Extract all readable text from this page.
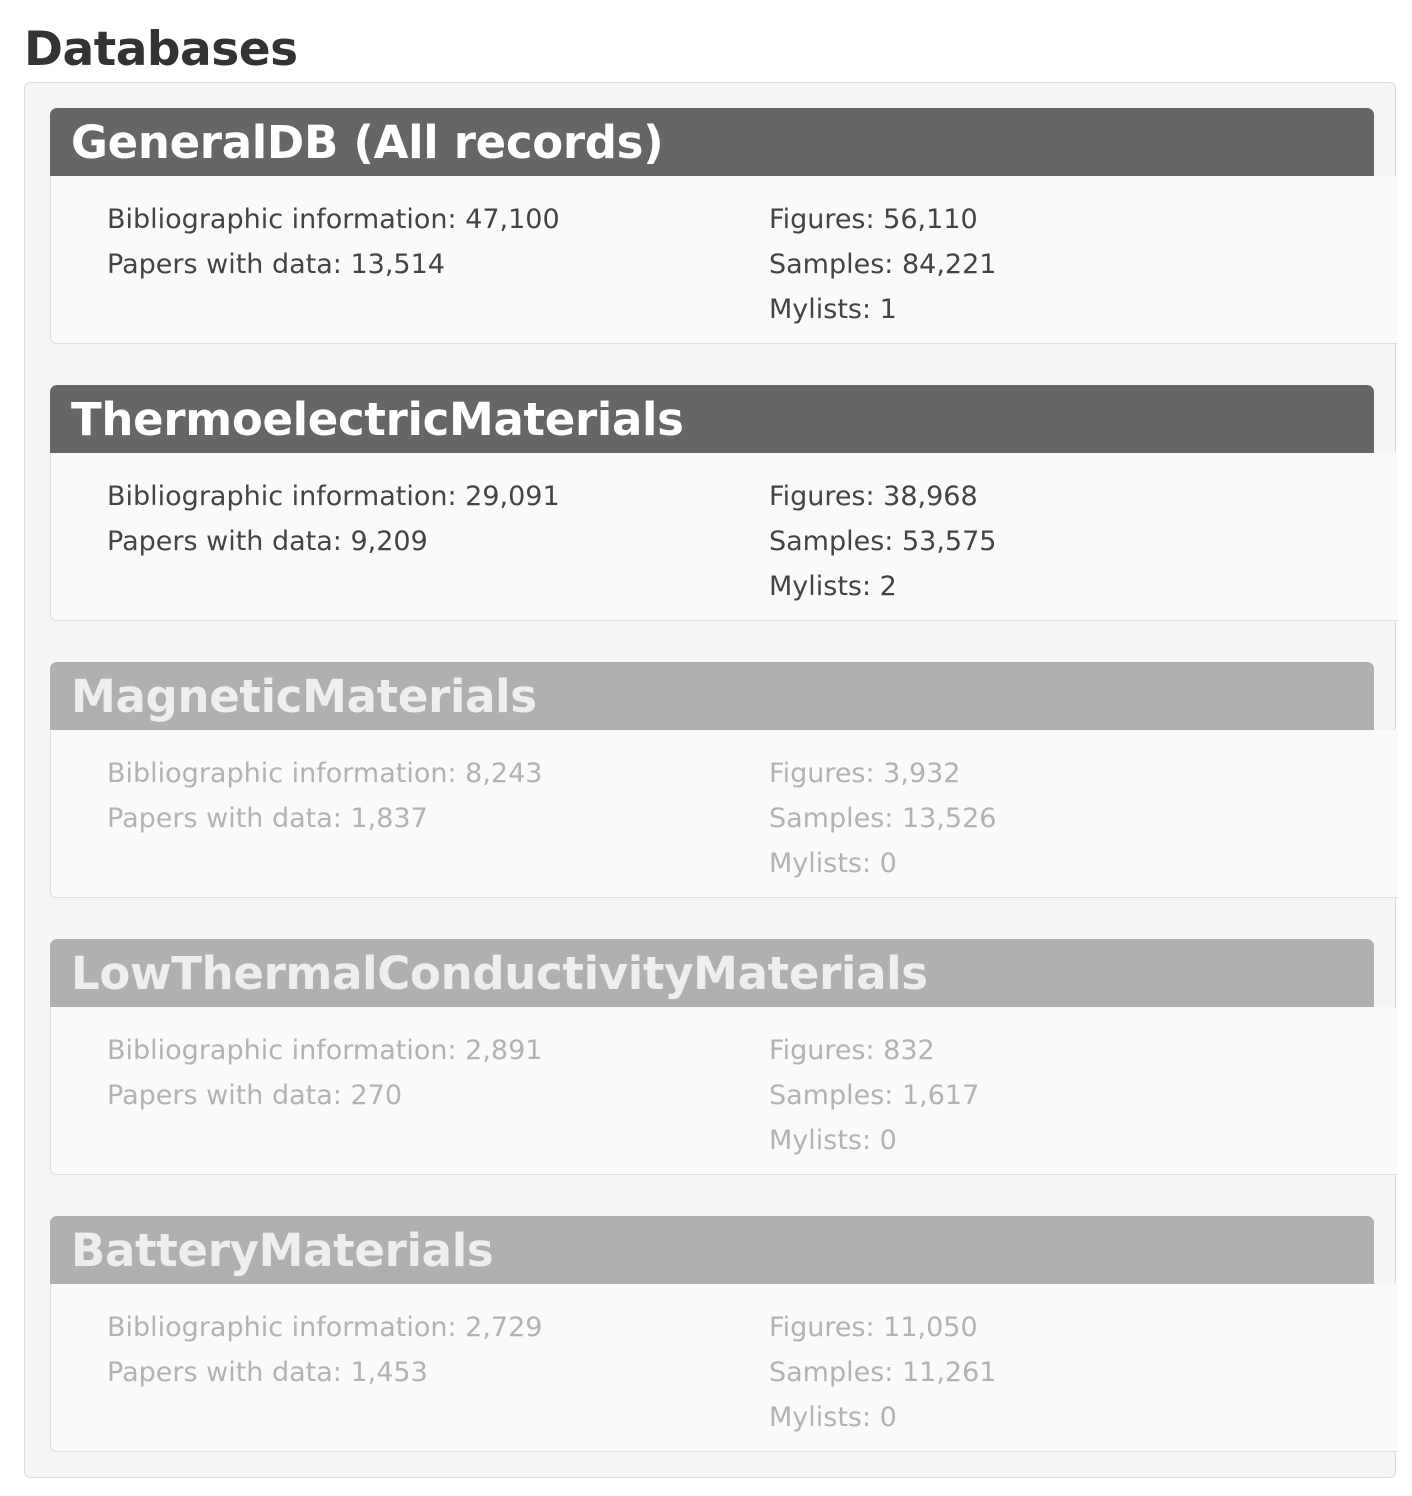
Databases
GeneralDB (All records)
Bibliographic information: 47,100
Papers with data: 13,514
Figures: 56,110
Samples: 84,221
Mylists: 1
ThermoelectricMaterials
Bibliographic information: 29,091
Papers with data: 9,209
Figures: 38,968
Samples: 53,575
Mylists: 2
MagneticMaterials
Bibliographic information: 8,243
Papers with data: 1,837
Figures: 3,932
Samples: 13,526
Mylists: 0
LowThermalConductivityMaterials
Bibliographic information: 2,891
Papers with data: 270
Figures: 832
Samples: 1,617
Mylists: 0
BatteryMaterials
Bibliographic information: 2,729
Papers with data: 1,453
Figures: 11,050
Samples: 11,261
Mylists: 0
